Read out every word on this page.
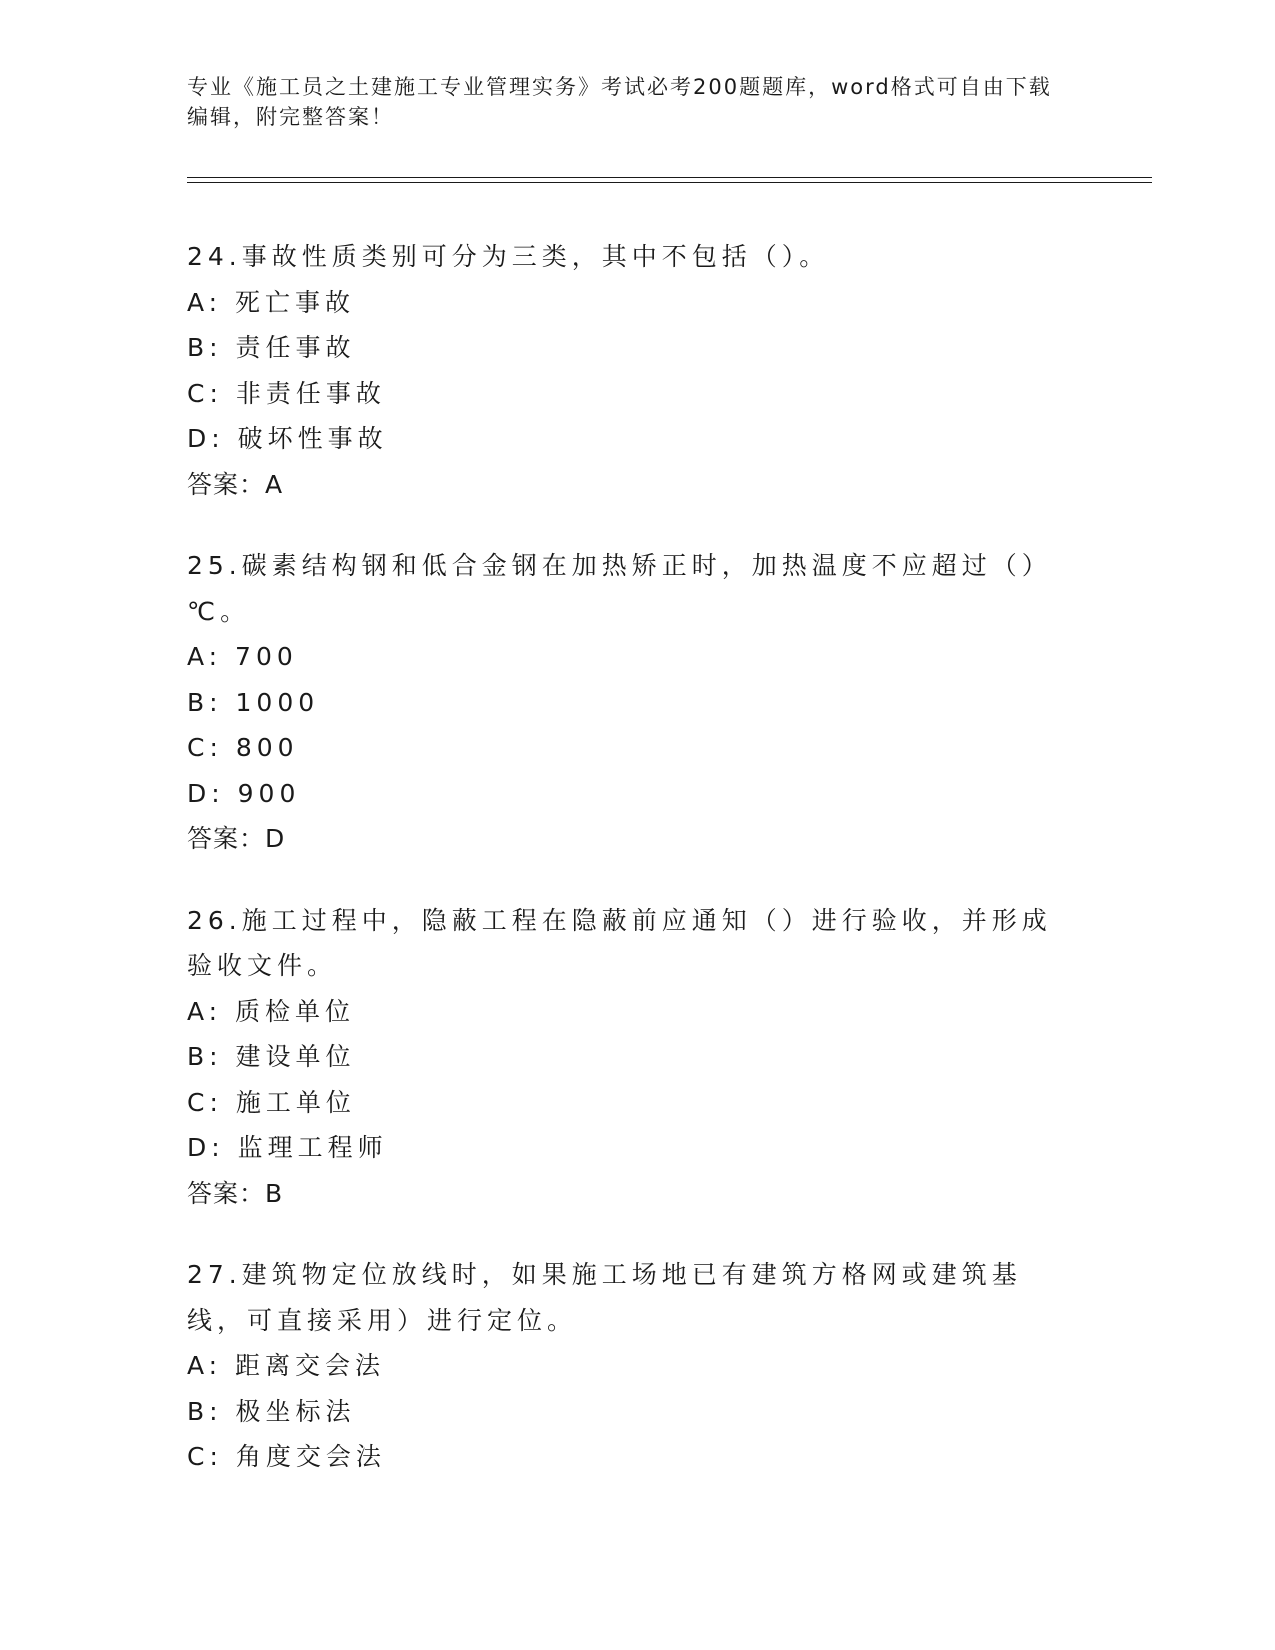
专业《施工员之土建施工专业管理实务》考试必考200题题库，word格式可自由下载编辑，附完整答案！

24.事故性质类别可分为三类，其中不包括（）。

A: 死亡事故

B: 责任事故

C: 非责任事故

D: 破坏性事故

答案：A

25.碳素结构钢和低合金钢在加热矫正时，加热温度不应超过（）℃。

A: 700

B: 1000

C: 800

D: 900

答案：D

26.施工过程中，隐蔽工程在隐蔽前应通知（）进行验收，并形成验收文件。

A: 质检单位

B: 建设单位

C: 施工单位

D: 监理工程师

答案：B

27.建筑物定位放线时，如果施工场地已有建筑方格网或建筑基线，可直接采用）进行定位。

A: 距离交会法

B: 极坐标法

C: 角度交会法
